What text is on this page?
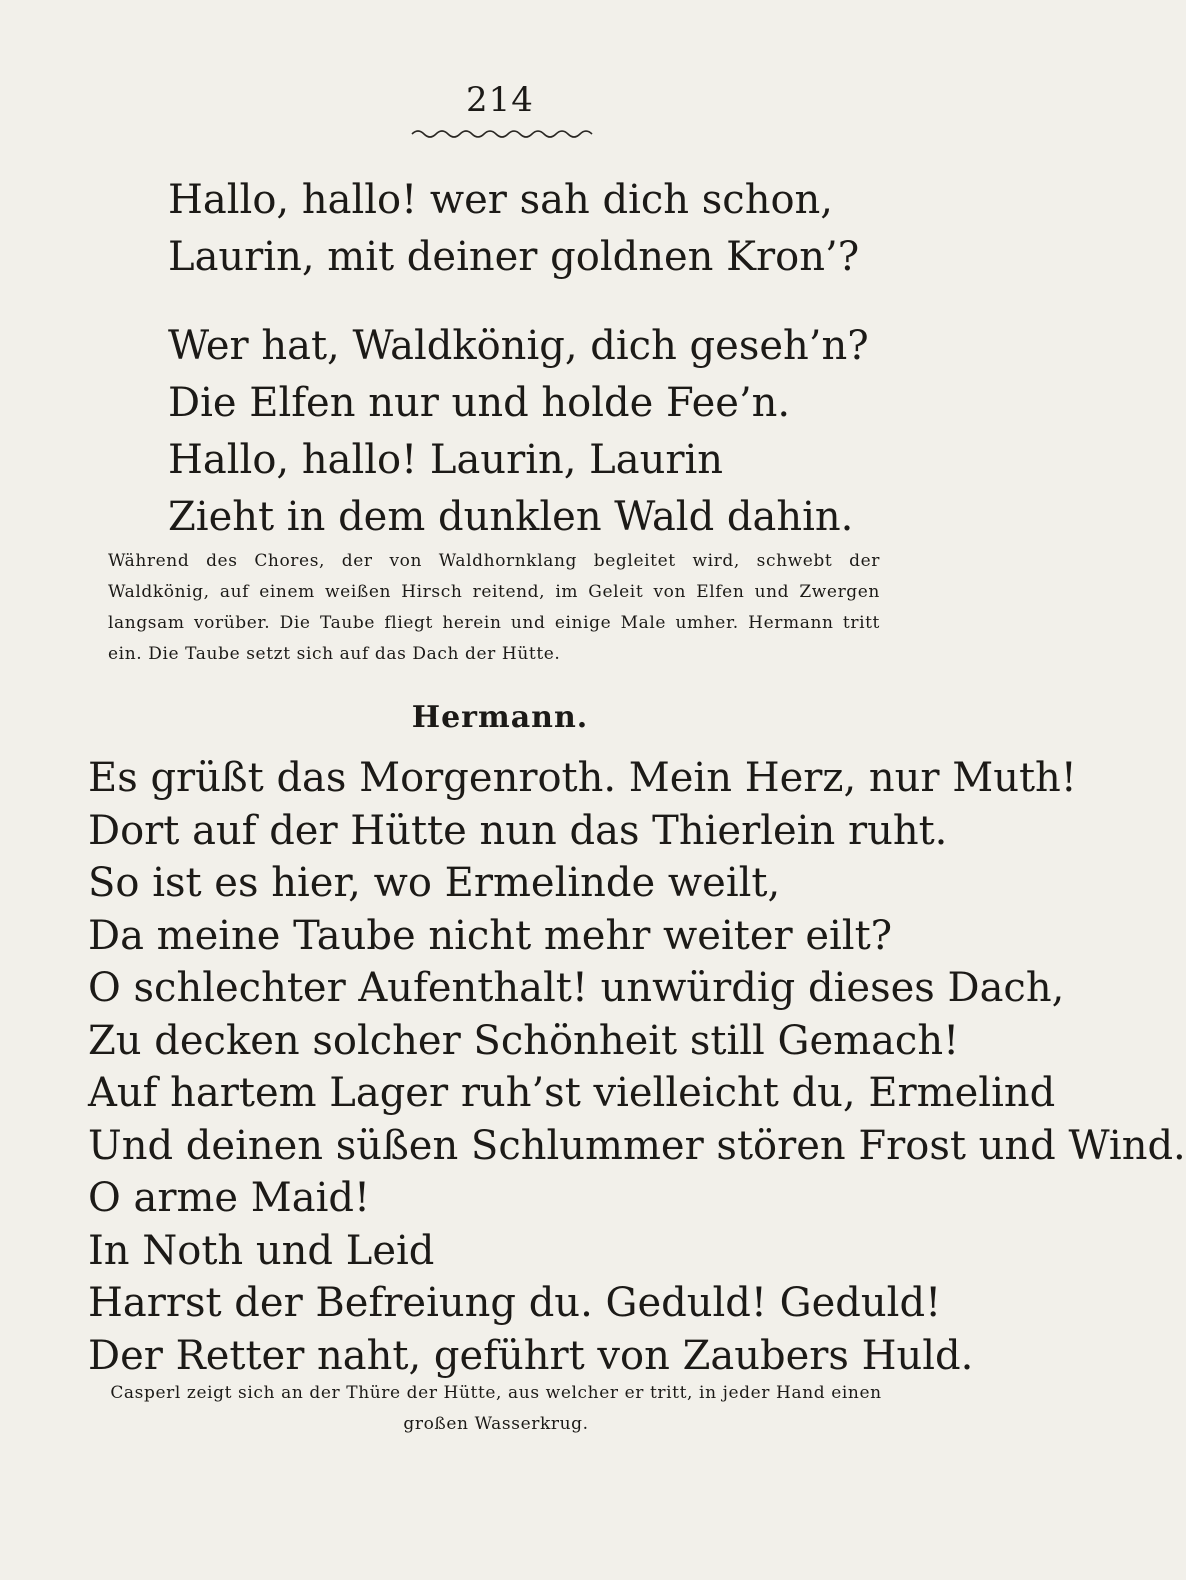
214
Hallo, hallo! wer sah dich schon,
Laurin, mit deiner goldnen Kron’?
Wer hat, Waldkönig, dich geseh’n?
Die Elfen nur und holde Fee’n.
Hallo, hallo! Laurin, Laurin
Zieht in dem dunklen Wald dahin.

Während des Chores, der von Waldhornklang begleitet wird, schwebt der Waldkönig, auf einem weißen Hirsch reitend, im Geleit von Elfen und Zwergen langsam vorüber. Die Taube fliegt herein und einige Male umher. Hermann tritt ein. Die Taube setzt sich auf das Dach der Hütte.

Hermann.
Es grüßt das Morgenroth. Mein Herz, nur Muth!
Dort auf der Hütte nun das Thierlein ruht.
So ist es hier, wo Ermelinde weilt,
Da meine Taube nicht mehr weiter eilt?
O schlechter Aufenthalt! unwürdig dieses Dach,
Zu decken solcher Schönheit still Gemach!
Auf hartem Lager ruh’st vielleicht du, Ermelind
Und deinen süßen Schlummer stören Frost und Wind.
O arme Maid!
In Noth und Leid
Harrst der Befreiung du. Geduld! Geduld!
Der Retter naht, geführt von Zaubers Huld.

Casperl zeigt sich an der Thüre der Hütte, aus welcher er tritt, in jeder Hand einen großen Wasserkrug.
